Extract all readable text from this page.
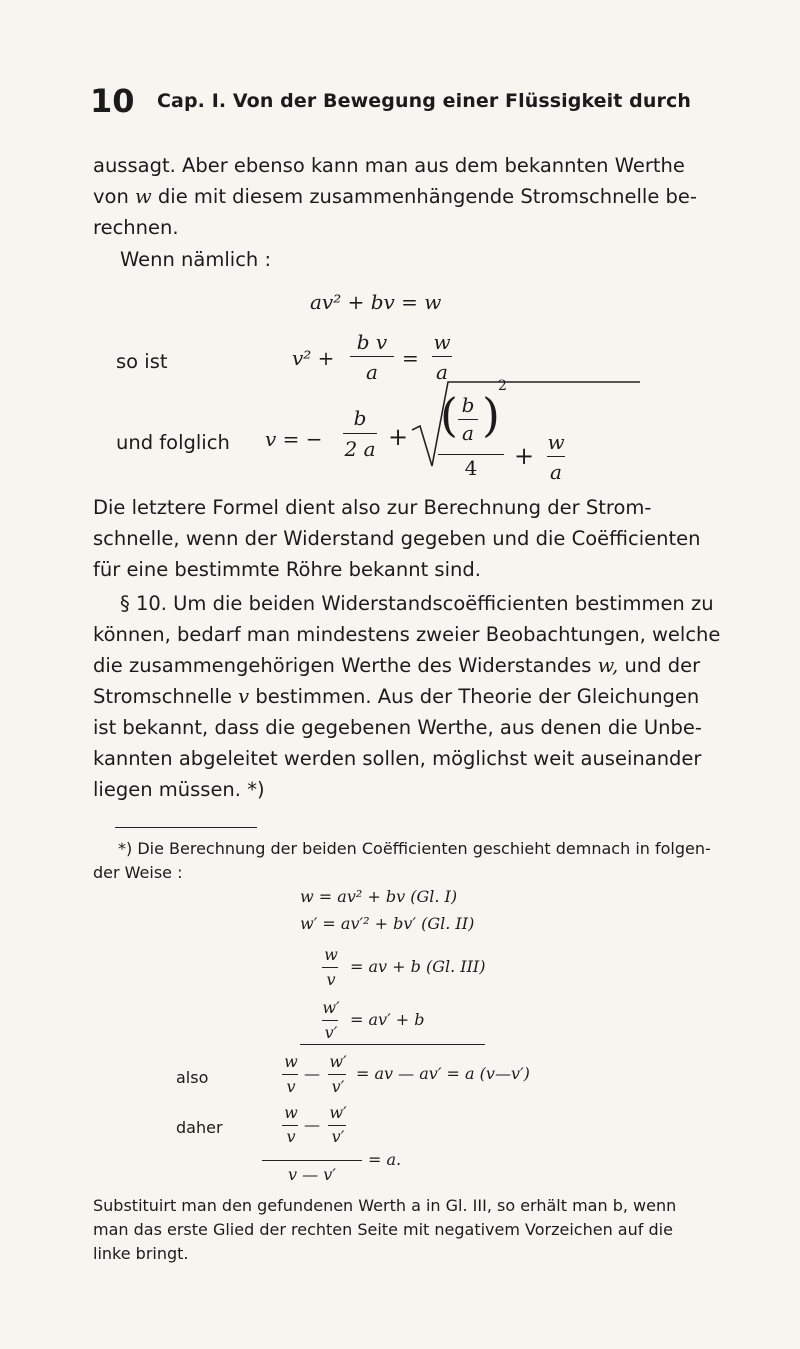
10 Cap. I. Von der Bewegung einer Flüssigkeit durch
aussagt. Aber ebenso kann man aus dem bekannten Werthe
von w die mit diesem zusammenhängende Stromschnelle be-
rechnen.
Wenn nämlich :
av² + bv = w
so ist	v² +
b v
a
=
w
a
und folglich v = −
b
2 a + ( b
a )
2
4	+ w
a
Die letztere Formel dient also zur Berechnung der Strom-
schnelle, wenn der Widerstand gegeben und die Coëfficienten
für eine bestimmte Röhre bekannt sind.
§ 10. Um die beiden Widerstandscoëfficienten bestimmen zu
können, bedarf man mindestens zweier Beobachtungen, welche
die zusammengehörigen Werthe des Widerstandes w, und der
Stromschnelle v bestimmen. Aus der Theorie der Gleichungen
ist bekannt, dass die gegebenen Werthe, aus denen die Unbe-
kannten abgeleitet werden sollen, möglichst weit auseinander
liegen müssen. *)
*) Die Berechnung der beiden Coëfficienten geschieht demnach in folgen-
der Weise :
w = av² + bv (Gl. I)
w′ = av′² + bv′ (Gl. II)
w
v
= av + b (Gl. III)
w′
v′
= av′ + b
also
w
v
—
w′
v′
= av — av′ = a (v—v′)
daher
w
v
—
w′
v′
= a.
v — v′
Substituirt man den gefundenen Werth a in Gl. III, so erhält man b, wenn
man das erste Glied der rechten Seite mit negativem Vorzeichen auf die
linke bringt.
